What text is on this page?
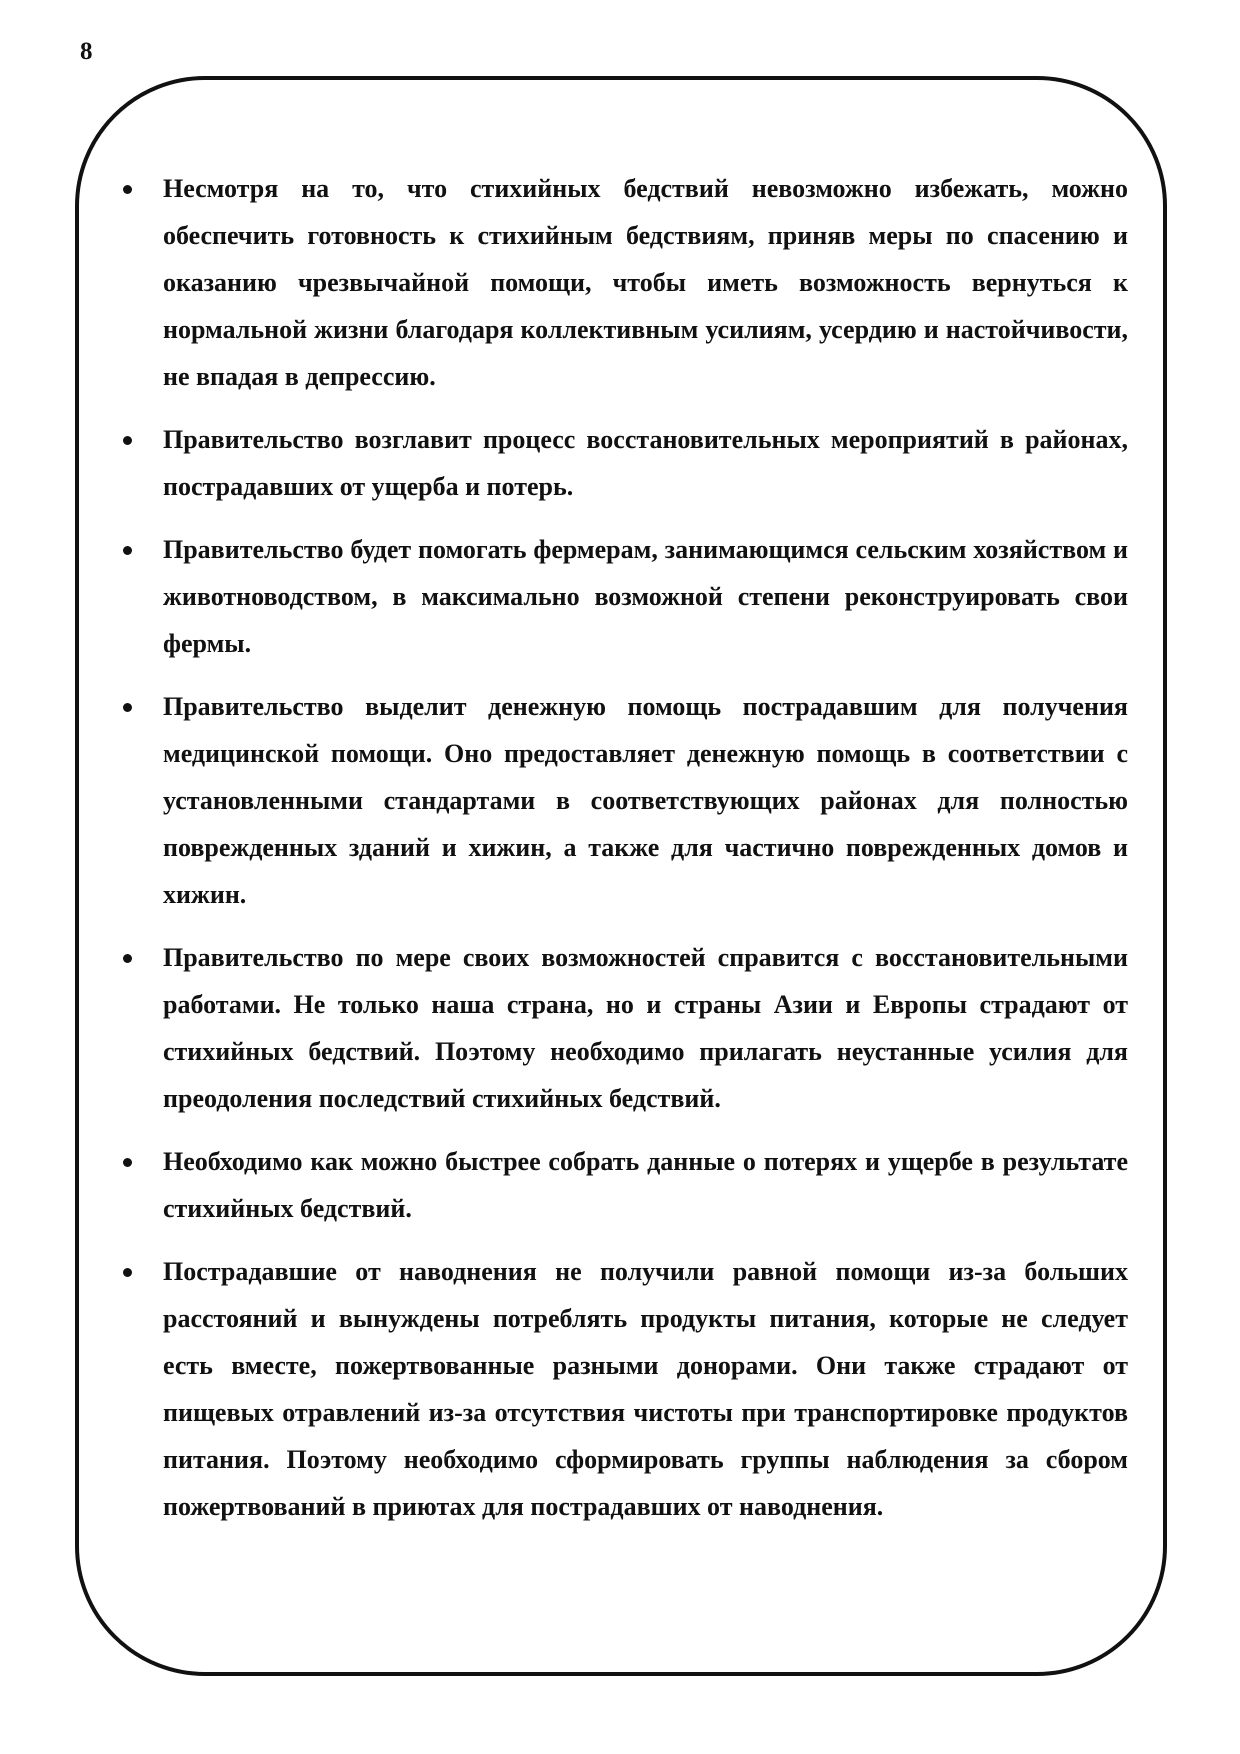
8
Несмотря на то, что стихийных бедствий невозможно избежать, можно обеспечить готовность к стихийным бедствиям, приняв меры по спасению и оказанию чрезвычайной помощи, чтобы иметь возможность вернуться к нормальной жизни благодаря коллективным усилиям, усердию и настойчивости, не впадая в депрессию.
Правительство возглавит процесс восстановительных мероприятий в районах, пострадавших от ущерба и потерь.
Правительство будет помогать фермерам, занимающимся сельским хозяйством и животноводством, в максимально возможной степени реконструировать свои фермы.
Правительство выделит денежную помощь пострадавшим для получения медицинской помощи. Оно предоставляет денежную помощь в соответствии с установленными стандартами в соответствующих районах для полностью поврежденных зданий и хижин, а также для частично поврежденных домов и хижин.
Правительство по мере своих возможностей справится с восстановительными работами. Не только наша страна, но и страны Азии и Европы страдают от стихийных бедствий. Поэтому необходимо прилагать неустанные усилия для преодоления последствий стихийных бедствий.
Необходимо как можно быстрее собрать данные о потерях и ущербе в результате стихийных бедствий.
Пострадавшие от наводнения не получили равной помощи из-за больших расстояний и вынуждены потреблять продукты питания, которые не следует есть вместе, пожертвованные разными донорами. Они также страдают от пищевых отравлений из-за отсутствия чистоты при транспортировке продуктов питания. Поэтому необходимо сформировать группы наблюдения за сбором пожертвований в приютах для пострадавших от наводнения.
